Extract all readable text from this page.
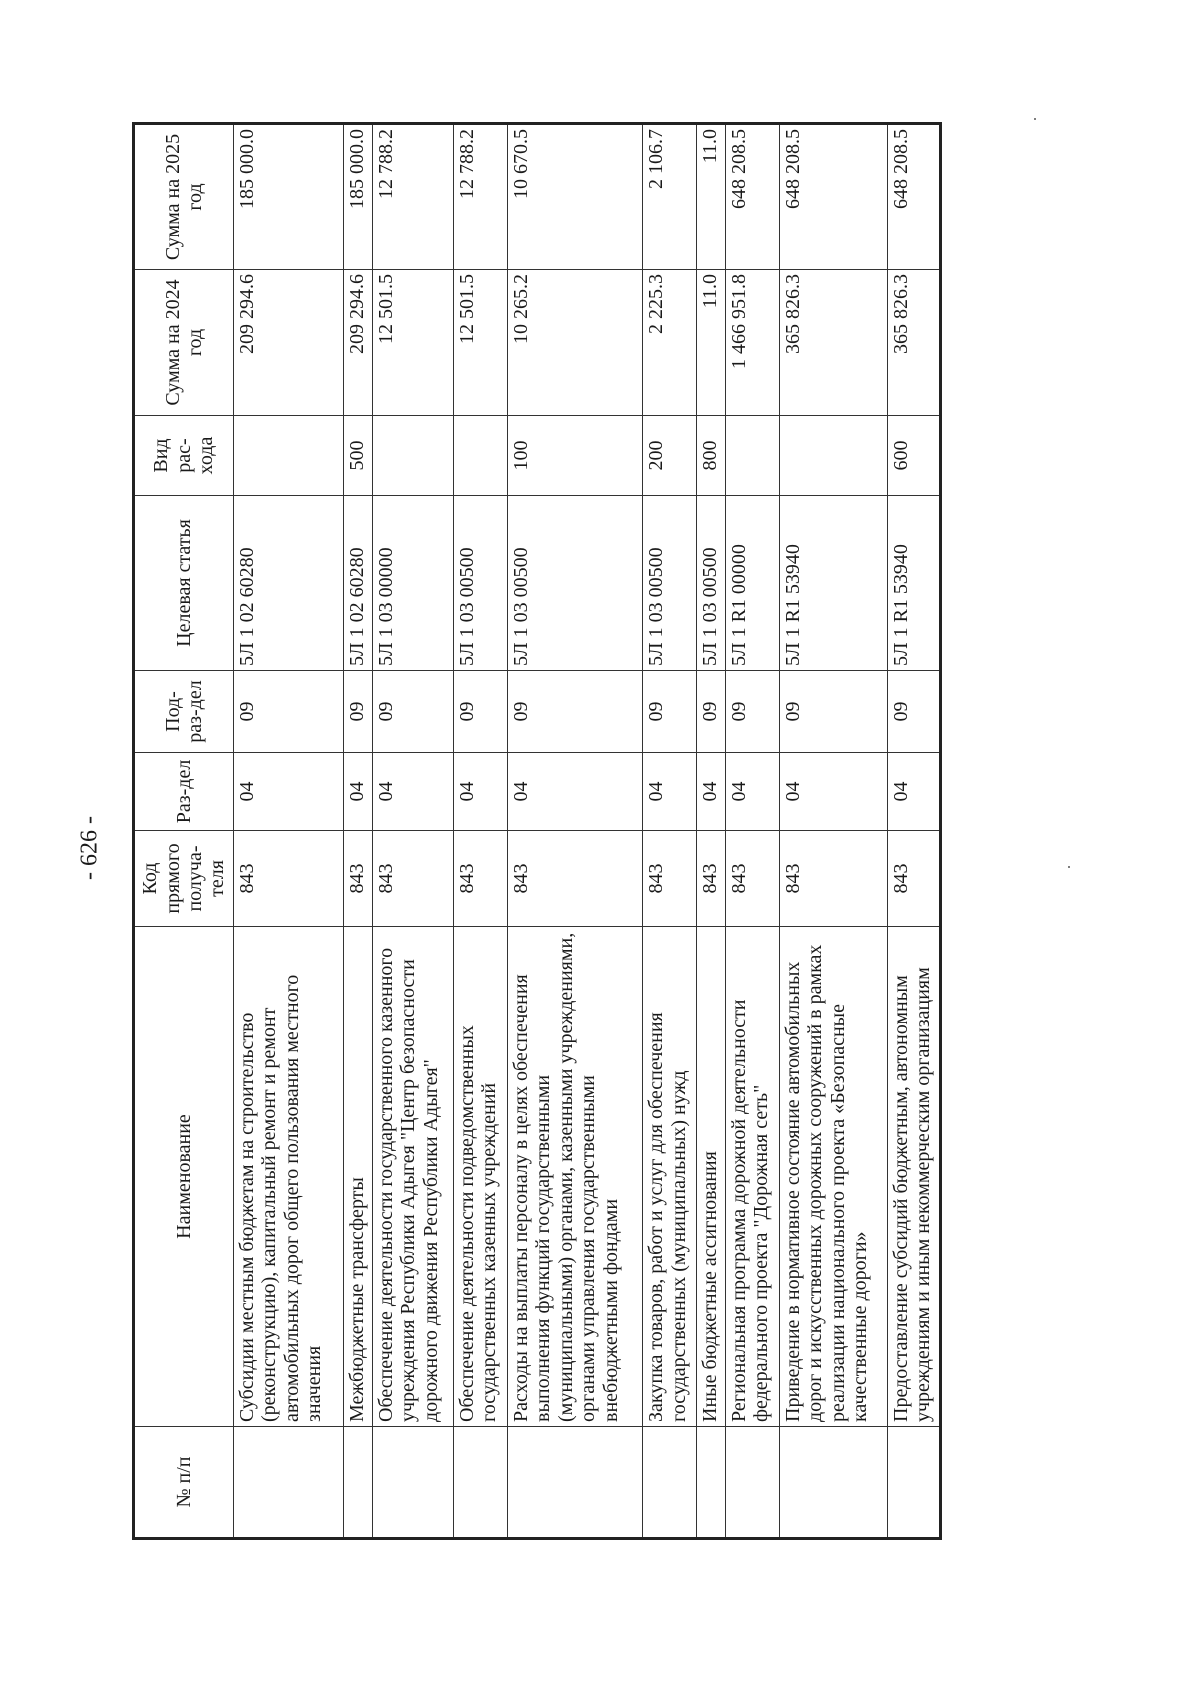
- 626 -
№ п/п	Наименование	Код прямого получа-теля	Раз-дел	Под-раз-дел	Целевая статья	Вид рас-хода	Сумма на 2024 год	Сумма на 2025 год
	Субсидии местным бюджетам на строительство (реконструкцию), капитальный ремонт и ремонт автомобильных дорог общего пользования местного значения	843	04	09	5Л 1 02 60280		209 294.6	185 000.0
	Межбюджетные трансферты	843	04	09	5Л 1 02 60280	500	209 294.6	185 000.0
	Обеспечение деятельности государственного казенного учреждения Республики Адыгея "Центр безопасности дорожного движения Республики Адыгея"	843	04	09	5Л 1 03 00000		12 501.5	12 788.2
	Обеспечение деятельности подведомственных государственных казенных учреждений	843	04	09	5Л 1 03 00500		12 501.5	12 788.2
	Расходы на выплаты персоналу в целях обеспечения выполнения функций государственными (муниципальными) органами, казенными учреждениями, органами управления государственными внебюджетными фондами	843	04	09	5Л 1 03 00500	100	10 265.2	10 670.5
	Закупка товаров, работ и услуг для обеспечения государственных (муниципальных) нужд	843	04	09	5Л 1 03 00500	200	2 225.3	2 106.7
	Иные бюджетные ассигнования	843	04	09	5Л 1 03 00500	800	11.0	11.0
	Региональная программа дорожной деятельности федерального проекта "Дорожная сеть"	843	04	09	5Л 1 R1 00000		1 466 951.8	648 208.5
	Приведение в нормативное состояние автомобильных дорог и искусственных дорожных сооружений в рамках реализации национального проекта «Безопасные качественные дороги»	843	04	09	5Л 1 R1 53940		365 826.3	648 208.5
	Предоставление субсидий бюджетным, автономным учреждениям и иным некоммерческим организациям	843	04	09	5Л 1 R1 53940	600	365 826.3	648 208.5
